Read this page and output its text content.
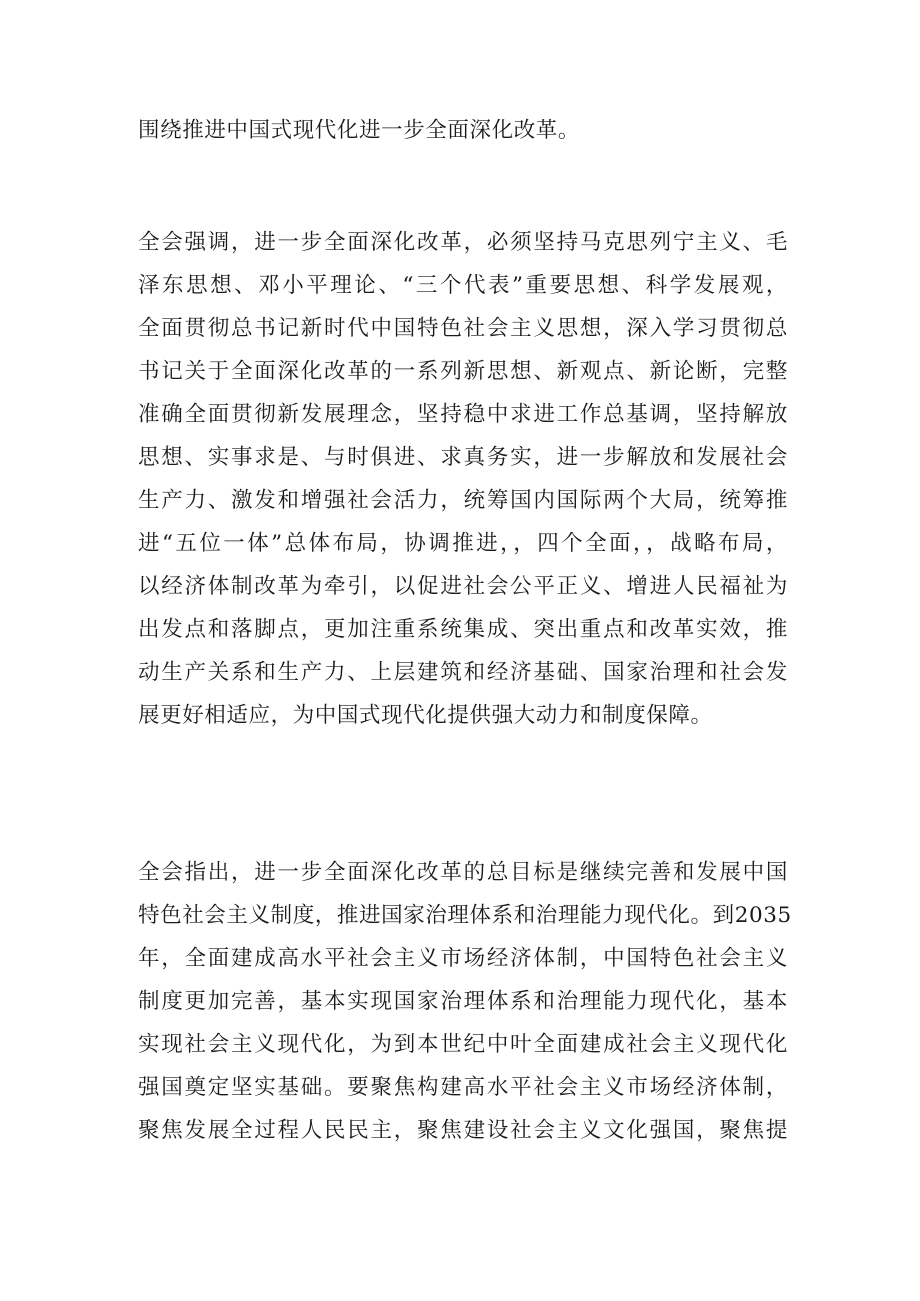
围绕推进中国式现代化进一步全面深化改革。
全会强调，进一步全面深化改革，必须坚持马克思列宁主义、毛
泽东思想、邓小平理论、“三个代表”重要思想、科学发展观，
全面贯彻总书记新时代中国特色社会主义思想，深入学习贯彻总
书记关于全面深化改革的一系列新思想、新观点、新论断，完整
准确全面贯彻新发展理念，坚持稳中求进工作总基调，坚持解放
思想、实事求是、与时俱进、求真务实，进一步解放和发展社会
生产力、激发和增强社会活力，统筹国内国际两个大局，统筹推
进“五位一体”总体布局，协调推进，，四个全面，，战略布局，
以经济体制改革为牵引，以促进社会公平正义、增进人民福祉为
出发点和落脚点，更加注重系统集成、突出重点和改革实效，推
动生产关系和生产力、上层建筑和经济基础、国家治理和社会发
展更好相适应，为中国式现代化提供强大动力和制度保障。
全会指出，进一步全面深化改革的总目标是继续完善和发展中国
特色社会主义制度，推进国家治理体系和治理能力现代化。到2035
年，全面建成高水平社会主义市场经济体制，中国特色社会主义
制度更加完善，基本实现国家治理体系和治理能力现代化，基本
实现社会主义现代化，为到本世纪中叶全面建成社会主义现代化
强国奠定坚实基础。要聚焦构建高水平社会主义市场经济体制，
聚焦发展全过程人民民主，聚焦建设社会主义文化强国，聚焦提
